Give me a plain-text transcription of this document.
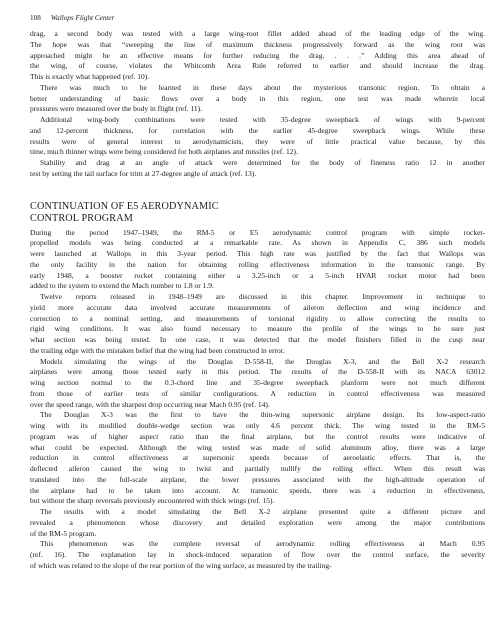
108 Wallops Flight Center
drag, a second body was tested with a large wing-root fillet added ahead of the leading edge of the wing.
The hope was that “sweeping the line of maximum thickness progressively forward as the wing root was
approached might be an effective means for further reducing the drag. . . .” Adding this area ahead of
the wing, of course, violates the Whitcomb Area Rule referred to earlier and should increase the drag.
This is exactly what happened (ref. 10).
There was much to be learned in these days about the mysterious transonic region. To obtain a
better understanding of basic flows over a body in this region, one test was made wherein local
pressures were measured over the body in flight (ref. 11).
Additional wing-body combinations were tested with 35-degree sweepback of wings with 9-percent
and 12-percent thickness, for correlation with the earlier 45-degree sweepback wings. While these
results were of general interest to aerodynamicists, they were of little practical value because, by this
time, much thinner wings were being considered for both airplanes and missiles (ref. 12).
Stability and drag at an angle of attack were determined for the body of fineness ratio 12 in another
test by setting the tail surface for trim at 27-degree angle of attack (ref. 13).
CONTINUATION OF E5 AERODYNAMIC
CONTROL PROGRAM
During the period 1947–1949, the RM-5 or E5 aerodynamic control program with simple rocket-
propelled models was being conducted at a remarkable rate. As shown in Appendix C, 386 such models
were launched at Wallops in this 3-year period. This high rate was justified by the fact that Wallops was
the only facility in the nation for obtaining rolling effectiveness information in the transonic range. By
early 1948, a booster rocket containing either a 3.25-inch or a 5-inch HVAR rocket motor had been
added to the system to extend the Mach number to 1.8 or 1.9.
Twelve reports released in 1948–1949 are discussed in this chapter. Improvement in technique to
yield more accurate data involved accurate measurements of aileron deflection and wing incidence and
correction to a nominal setting, and measurements of torsional rigidity to allow correcting the results to
rigid wing conditions. It was also found necessary to measure the profile of the wings to be sure just
what section was being tested. In one case, it was detected that the model finishers filled in the cusp near
the trailing edge with the mistaken belief that the wing had been constructed in error.
Models simulating the wings of the Douglas D-558-II, the Douglas X-3, and the Bell X-2 research
airplanes were among those tested early in this period. The results of the D-558-II with its NACA 63012
wing section normal to the 0.3-chord line and 35-degree sweepback planform were not much different
from those of earlier tests of similar configurations. A reduction in control effectiveness was measured
over the speed range, with the sharpest drop occurring near Mach 0.95 (ref. 14).
The Douglas X-3 was the first to have the thin-wing supersonic airplane design. Its low-aspect-ratio
wing with its modified double-wedge section was only 4.6 percent thick. The wing tested in the RM-5
program was of higher aspect ratio than the final airplane, but the control results were indicative of
what could be expected. Although the wing tested was made of solid aluminum alloy, there was a large
reduction in control effectiveness at supersonic speeds because of aeroelastic effects. That is, the
deflected aileron caused the wing to twist and partially nullify the rolling effect. When this result was
translated into the full-scale airplane, the lower pressures associated with the high-altitude operation of
the airplane had to be taken into account. At transonic speeds, there was a reduction in effectiveness,
but without the sharp reversals previously encountered with thick wings (ref. 15).
The results with a model simulating the Bell X-2 airplane presented quite a different picture and
revealed a phenomenon whose discovery and detailed exploration were among the major contributions
of the RM-5 program.
This phenomenon was the complete reversal of aerodynamic rolling effectiveness at Mach 0.95
(ref. 16). The explanation lay in shock-induced separation of flow over the control surface, the severity
of which was related to the slope of the rear portion of the wing surface, as measured by the trailing-
